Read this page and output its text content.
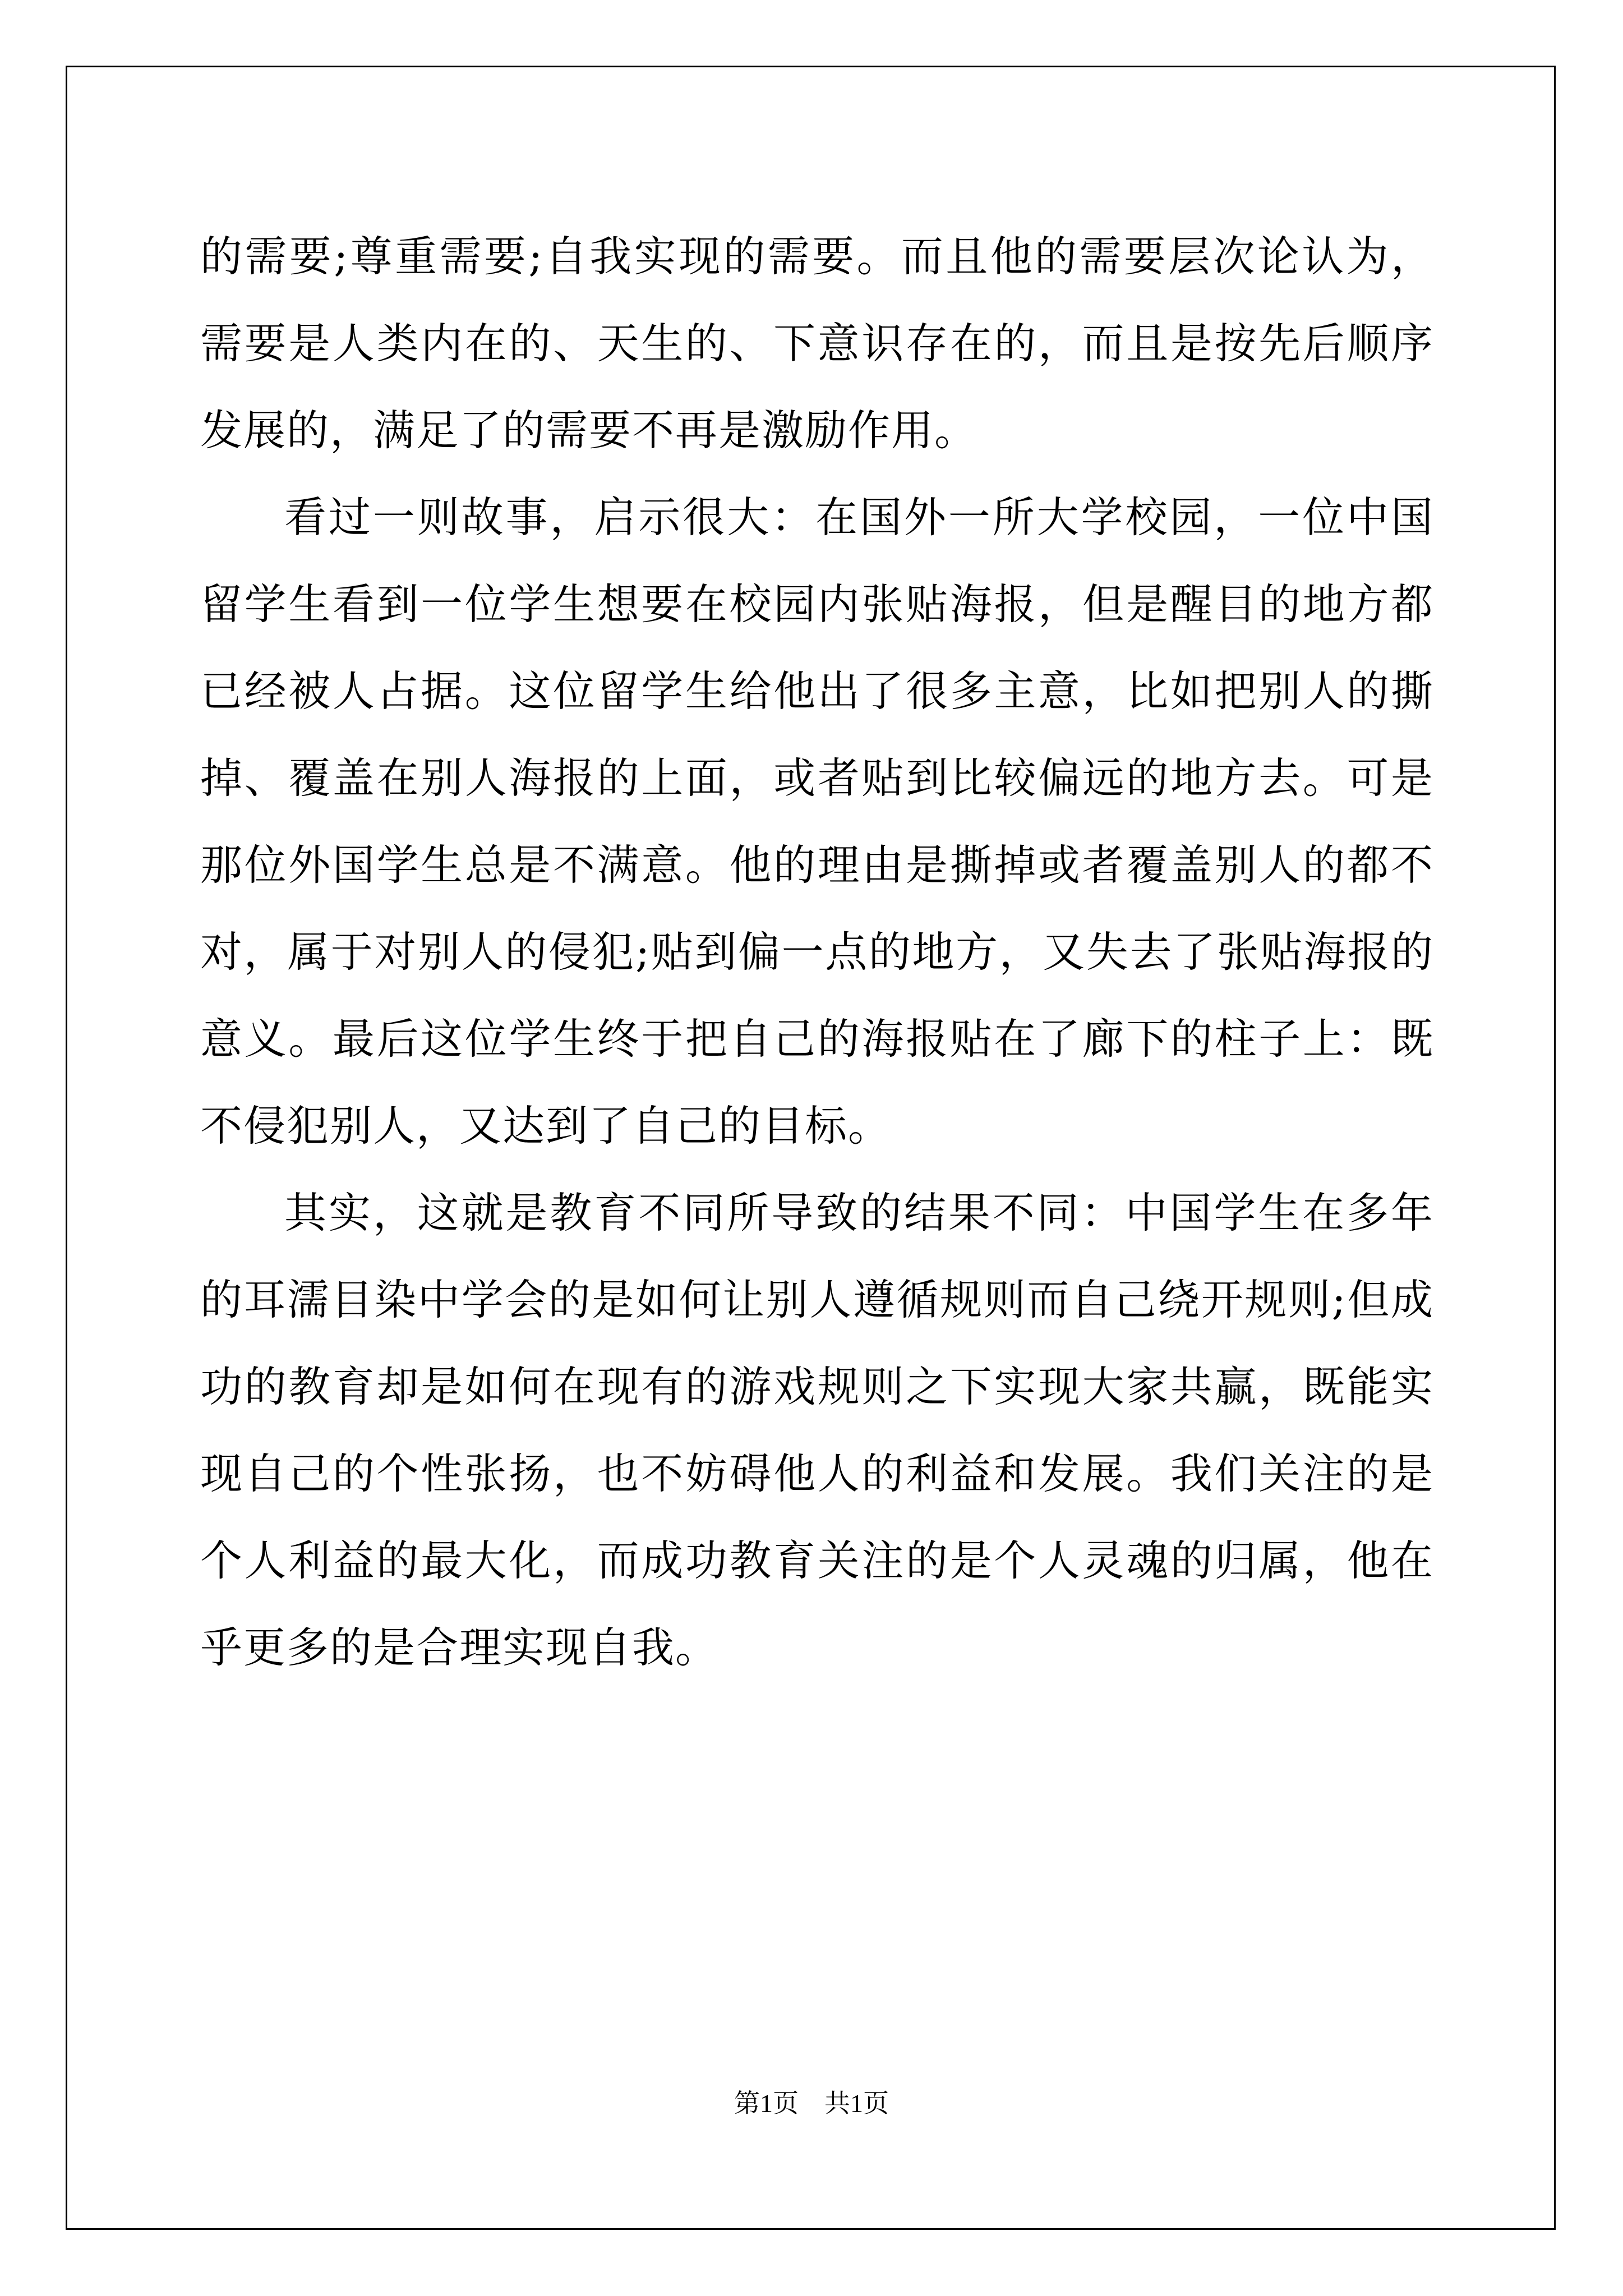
的需要;尊重需要;自我实现的需要。而且他的需要层次论认为，需要是人类内在的、天生的、下意识存在的，而且是按先后顺序发展的，满足了的需要不再是激励作用。

看过一则故事，启示很大：在国外一所大学校园，一位中国留学生看到一位学生想要在校园内张贴海报，但是醒目的地方都已经被人占据。这位留学生给他出了很多主意，比如把别人的撕掉、覆盖在别人海报的上面，或者贴到比较偏远的地方去。可是那位外国学生总是不满意。他的理由是撕掉或者覆盖别人的都不对，属于对别人的侵犯;贴到偏一点的地方，又失去了张贴海报的意义。最后这位学生终于把自己的海报贴在了廊下的柱子上：既不侵犯别人，又达到了自己的目标。

其实，这就是教育不同所导致的结果不同：中国学生在多年的耳濡目染中学会的是如何让别人遵循规则而自己绕开规则;但成功的教育却是如何在现有的游戏规则之下实现大家共赢，既能实现自己的个性张扬，也不妨碍他人的利益和发展。我们关注的是个人利益的最大化，而成功教育关注的是个人灵魂的归属，他在乎更多的是合理实现自我。

第1页 共1页
